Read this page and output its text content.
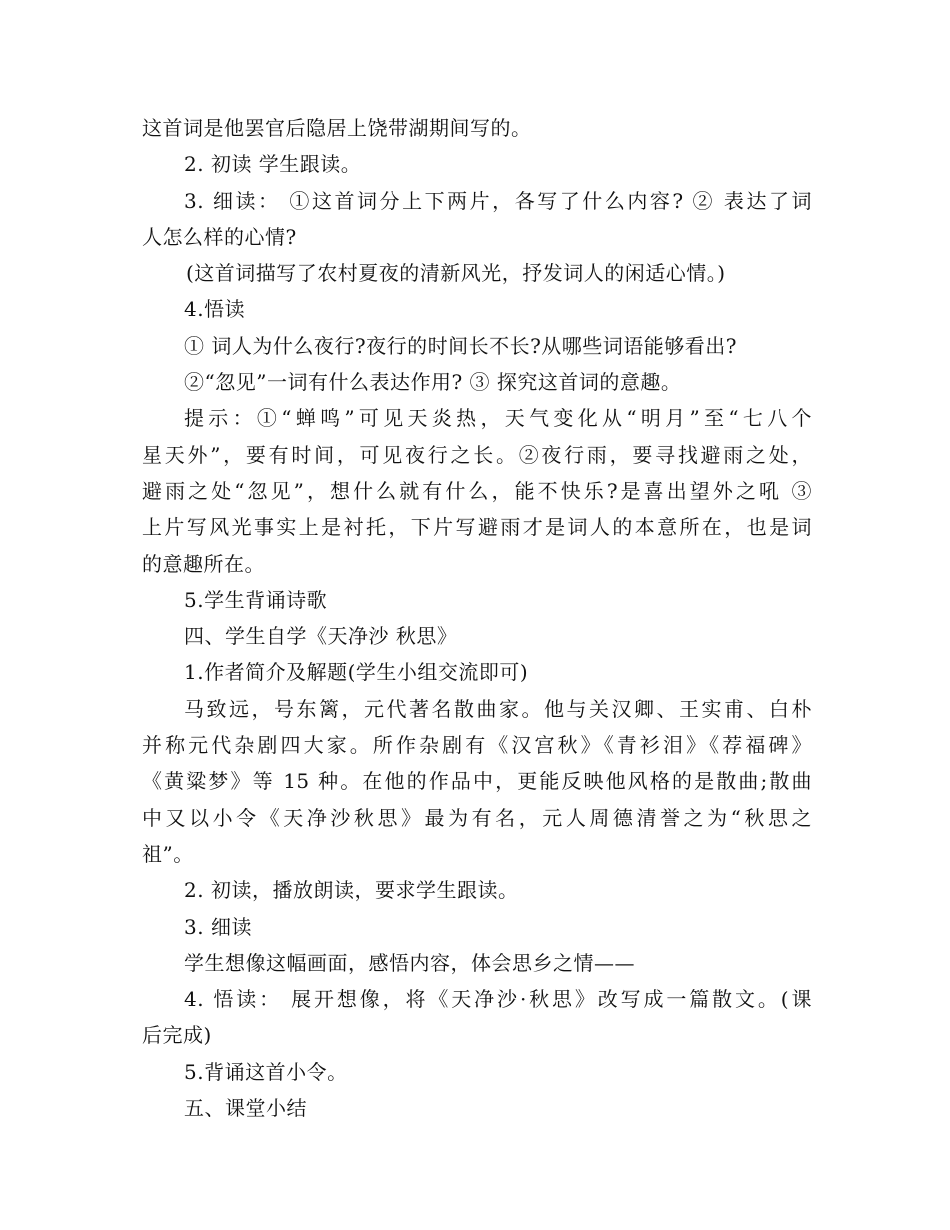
这首词是他罢官后隐居上饶带湖期间写的。
2. 初读 学生跟读。
3. 细读： ①这首词分上下两片，各写了什么内容? ② 表达了词
人怎么样的心情?
(这首词描写了农村夏夜的清新风光，抒发词人的闲适心情。)
4.悟读
① 词人为什么夜行?夜行的时间长不长?从哪些词语能够看出?
②“忽见”一词有什么表达作用? ③ 探究这首词的意趣。
提示：①“蝉鸣”可见天炎热，天气变化从“明月”至“七八个
星天外”，要有时间，可见夜行之长。②夜行雨，要寻找避雨之处，
避雨之处“忽见”，想什么就有什么，能不快乐?是喜出望外之吼 ③
上片写风光事实上是衬托，下片写避雨才是词人的本意所在，也是词
的意趣所在。
5.学生背诵诗歌
四、学生自学《天净沙 秋思》
1.作者简介及解题(学生小组交流即可)
马致远，号东篱，元代著名散曲家。他与关汉卿、王实甫、白朴
并称元代杂剧四大家。所作杂剧有《汉宫秋》《青衫泪》《荐福碑》
《黄粱梦》等 15 种。在他的作品中，更能反映他风格的是散曲;散曲
中又以小令《天净沙秋思》最为有名，元人周德清誉之为“秋思之
祖”。
2. 初读，播放朗读，要求学生跟读。
3. 细读
学生想像这幅画面，感悟内容，体会思乡之情——
4. 悟读： 展开想像，将《天净沙·秋思》改写成一篇散文。(课
后完成)
5.背诵这首小令。
五、课堂小结
